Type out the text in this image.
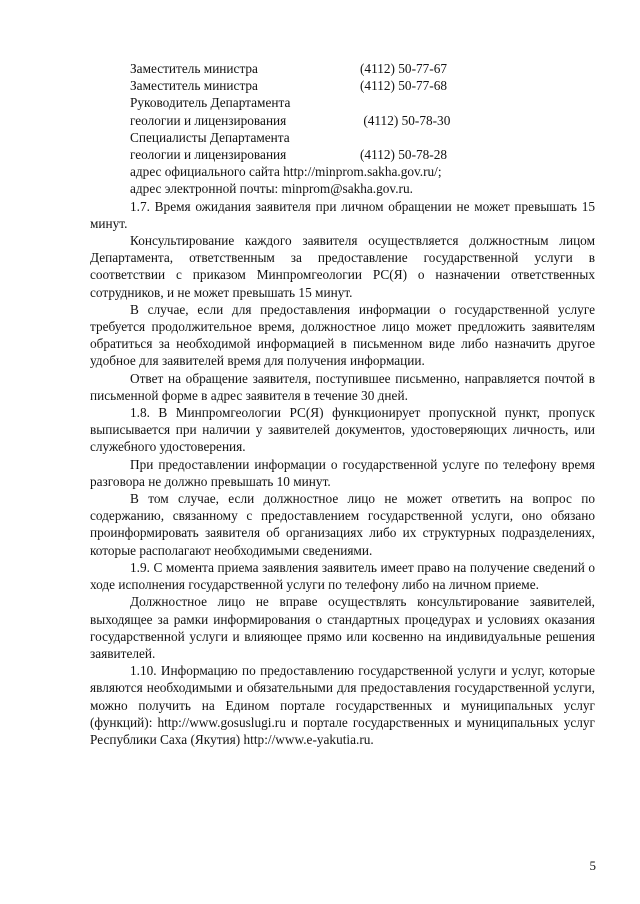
Заместитель министра	(4112) 50-77-67
Заместитель министра	(4112) 50-77-68
Руководитель Департамента
геологии и лицензирования	(4112) 50-78-30
Специалисты Департамента
геологии и лицензирования	(4112) 50-78-28
адрес официального сайта http://minprom.sakha.gov.ru/;
адрес электронной почты: minprom@sakha.gov.ru.

1.7. Время ожидания заявителя при личном обращении не может превышать 15 минут.

Консультирование каждого заявителя осуществляется должностным лицом Департамента, ответственным за предоставление государственной услуги в соответствии с приказом Минпромгеологии РС(Я) о назначении ответственных сотрудников, и не может превышать 15 минут.

В случае, если для предоставления информации о государственной услуге требуется продолжительное время, должностное лицо может предложить заявителям обратиться за необходимой информацией в письменном виде либо назначить другое удобное для заявителей время для получения информации.

Ответ на обращение заявителя, поступившее письменно, направляется почтой в письменной форме в адрес заявителя в течение 30 дней.

1.8. В Минпромгеологии РС(Я) функционирует пропускной пункт, пропуск выписывается при наличии у заявителей документов, удостоверяющих личность, или служебного удостоверения.

При предоставлении информации о государственной услуге по телефону время разговора не должно превышать 10 минут.

В том случае, если должностное лицо не может ответить на вопрос по содержанию, связанному с предоставлением государственной услуги, оно обязано проинформировать заявителя об организациях либо их структурных подразделениях, которые располагают необходимыми сведениями.

1.9. С момента приема заявления заявитель имеет право на получение сведений о ходе исполнения государственной услуги по телефону либо на личном приеме.

Должностное лицо не вправе осуществлять консультирование заявителей, выходящее за рамки информирования о стандартных процедурах и условиях оказания государственной услуги и влияющее прямо или косвенно на индивидуальные решения заявителей.

1.10. Информацию по предоставлению государственной услуги и услуг, которые являются необходимыми и обязательными для предоставления государственной услуги, можно получить на Едином портале государственных и муниципальных услуг (функций): http://www.gosuslugi.ru и портале государственных и муниципальных услуг Республики Саха (Якутия) http://www.e-yakutia.ru.

5
